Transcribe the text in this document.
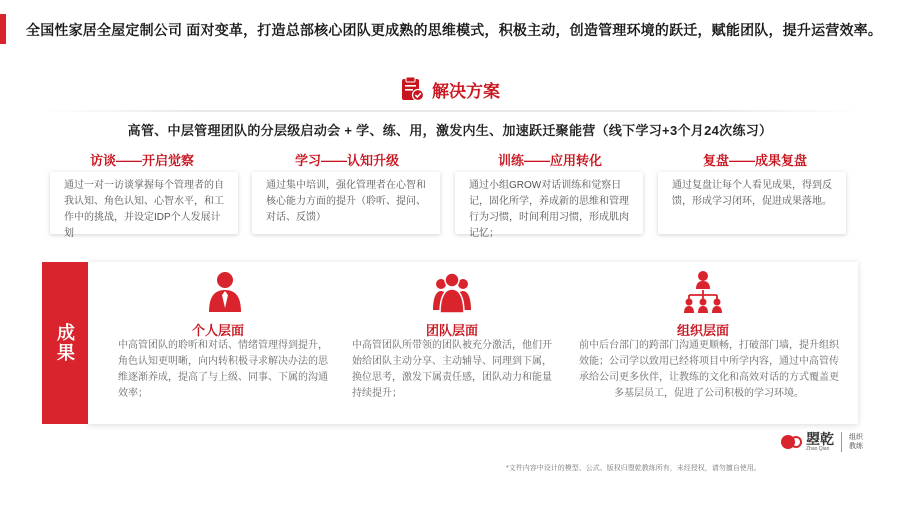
全国性家居全屋定制公司 面对变革，打造总部核心团队更成熟的思维模式，积极主动，创造管理环境的跃迁，赋能团队，提升运营效率。
解决方案
高管、中层管理团队的分层级启动会 + 学、练、用，激发内生、加速跃迁聚能营（线下学习+3个月24次练习）
访谈——开启觉察	学习——认知升级	训练——应用转化	复盘——成果复盘
通过一对一访谈掌握每个管理者的自我认知、角色认知、心智水平，和工作中的挑战，并设定IDP个人发展计划
通过集中培训，强化管理者在心智和核心能力方面的提升（聆听、提问、对话、反馈）
通过小组GROW对话训练和觉察日记，固化所学，养成新的思维和管理行为习惯，时间利用习惯，形成肌肉记忆；
通过复盘让每个人看见成果，得到反馈，形成学习闭环，促进成果落地。
成果	个人层面	团队层面	组织层面
中高管团队的聆听和对话、情绪管理得到提升，角色认知更明晰，向内转积极寻求解决办法的思维逐渐养成，提高了与上级、同事、下属的沟通效率；
中高管团队所带领的团队被充分激活，他们开始给团队主动分享、主动辅导、同理到下属，换位思考，激发下属责任感，团队动力和能量持续提升；
前中后台部门的跨部门沟通更顺畅，打破部门墙，提升组织效能；公司学以致用已经将项目中所学内容，通过中高管传承给公司更多伙伴，让教练的文化和高效对话的方式覆盖更多基层员工，促进了公司积极的学习环境。
曌乾
Zhao Qian
组织
教练
*文件内容中设计的模型、公式、版权归曌乾教练所有，未经授权，请勿擅自使用。
